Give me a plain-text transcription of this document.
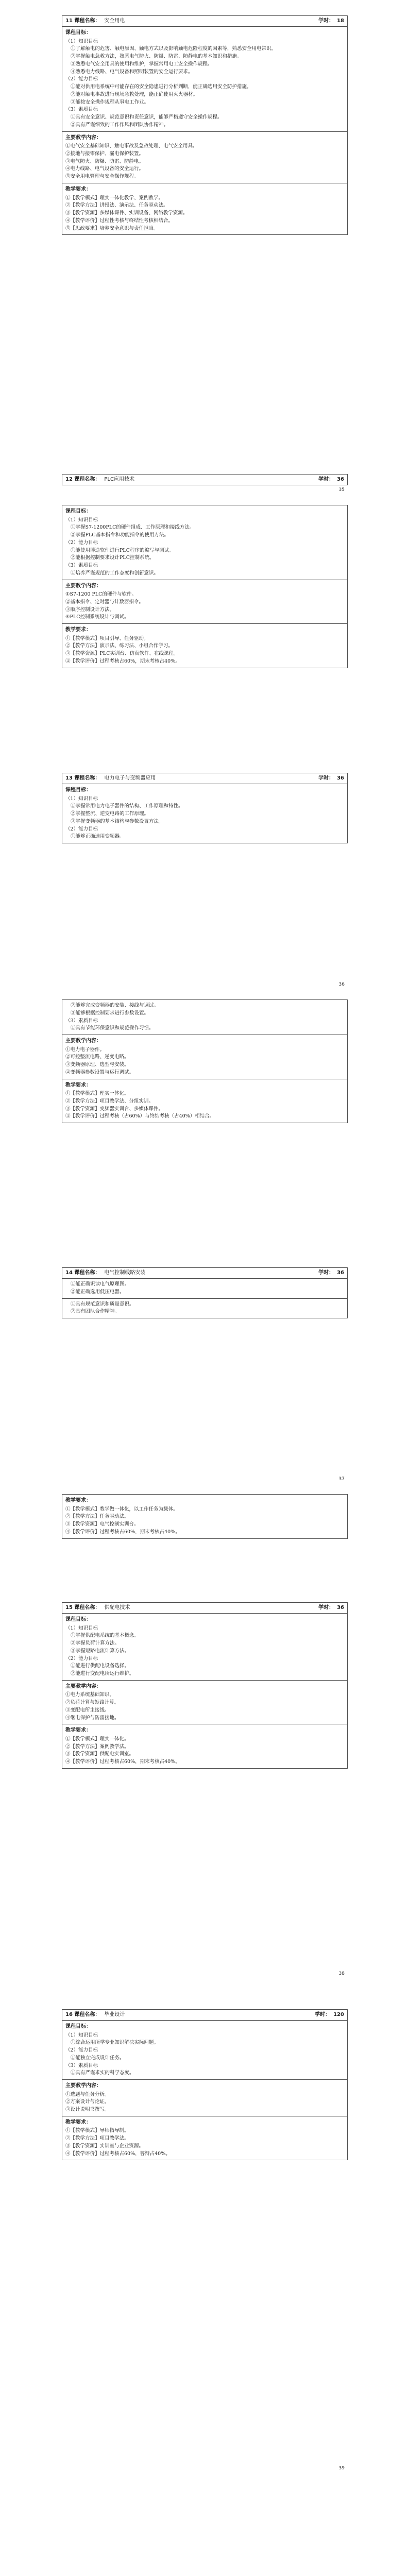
11 课程名称： 安全用电	学时： 18
课程目标：
（1）知识目标
①了解触电的危害、触电原因、触电方式以及影响触电危险程度的因素等，熟悉安全用电常识。
②掌握触电急救方法，熟悉电气防火、防爆、防雷、防静电的基本知识和措施。
③熟悉电气安全用具的使用和维护，掌握常用电工安全操作规程。
④熟悉电力线路、电气设备和照明装置的安全运行要求。
（2）能力目标
①能对供用电系统中可能存在的安全隐患进行分析判断，能正确选用安全防护措施。
②能对触电事故进行现场急救处理，能正确使用灭火器材。
③能按安全操作规程从事电工作业。
（3）素质目标
①具有安全意识、规范意识和责任意识，能够严格遵守安全操作规程。
②具有严谨细致的工作作风和团队协作精神。
主要教学内容：
①电气安全基础知识、触电事故及急救处理、电气安全用具。
②接地与接零保护、漏电保护装置。
③电气防火、防爆、防雷、防静电。
④电力线路、电气设备的安全运行。
⑤安全用电管理与安全操作规程。
教学要求：
①【教学模式】理实一体化教学、案例教学。
②【教学方法】讲授法、演示法、任务驱动法。
③【教学资源】多媒体课件、实训设备、网络教学资源。
④【教学评价】过程性考核与终结性考核相结合。
⑤【思政要求】培养安全意识与责任担当。
12 课程名称： PLC应用技术	学时： 36
35
课程目标：
（1）知识目标
①掌握S7-1200PLC的硬件组成、工作原理和接线方法。
②掌握PLC基本指令和功能指令的使用方法。
（2）能力目标
①能使用博途软件进行PLC程序的编写与调试。
②能根据控制要求设计PLC控制系统。
（3）素质目标
①培养严谨规范的工作态度和创新意识。
主要教学内容：
①S7-1200 PLC的硬件与软件。
②基本指令、定时器与计数器指令。
③顺序控制设计方法。
④PLC控制系统设计与调试。
教学要求：
①【教学模式】项目引导、任务驱动。
②【教学方法】演示法、练习法、小组合作学习。
③【教学资源】PLC实训台、仿真软件、在线课程。
④【教学评价】过程考核占60%，期末考核占40%。
13 课程名称： 电力电子与变频器应用	学时： 36
课程目标：
（1）知识目标
①掌握常用电力电子器件的结构、工作原理和特性。
②掌握整流、逆变电路的工作原理。
③掌握变频器的基本结构与参数设置方法。
（2）能力目标
①能够正确选用变频器。
36
②能够完成变频器的安装、接线与调试。
③能够根据控制要求进行参数设置。
（3）素质目标
①具有节能环保意识和规范操作习惯。
主要教学内容：
①电力电子器件。
②可控整流电路、逆变电路。
③变频器原理、选型与安装。
④变频器参数设置与运行调试。
教学要求：
①【教学模式】理实一体化。
②【教学方法】项目教学法、分组实训。
③【教学资源】变频器实训台、多媒体课件。
④【教学评价】过程考核（占60%）与终结考核（占40%）相结合。
14 课程名称： 电气控制线路安装	学时： 36
①能正确识读电气原理图。
②能正确选用低压电器。
①具有规范意识和质量意识。
②具有团队合作精神。
37
教学要求：
①【教学模式】教学做一体化，以工作任务为载体。
②【教学方法】任务驱动法。
③【教学资源】电气控制实训台。
④【教学评价】过程考核占60%，期末考核占40%。
15 课程名称： 供配电技术	学时： 36
课程目标：
（1）知识目标
①掌握供配电系统的基本概念。
②掌握负荷计算方法。
③掌握短路电流计算方法。
（2）能力目标
①能进行供配电设备选择。
②能进行变配电所运行维护。
主要教学内容：
①电力系统基础知识。
②负荷计算与短路计算。
③变配电所主接线。
④继电保护与防雷接地。
教学要求：
①【教学模式】理实一体化。
②【教学方法】案例教学法。
③【教学资源】供配电实训室。
④【教学评价】过程考核占60%，期末考核占40%。
38
16 课程名称： 毕业设计	学时： 120
课程目标：
（1）知识目标
①综合运用所学专业知识解决实际问题。
（2）能力目标
①能独立完成设计任务。
（3）素质目标
①具有严谨求实的科学态度。
主要教学内容：
①选题与任务分析。
②方案设计与论证。
③设计说明书撰写。
教学要求：
①【教学模式】导师指导制。
②【教学方法】项目教学法。
③【教学资源】实训室与企业资源。
④【教学评价】过程考核占60%，答辩占40%。
39
